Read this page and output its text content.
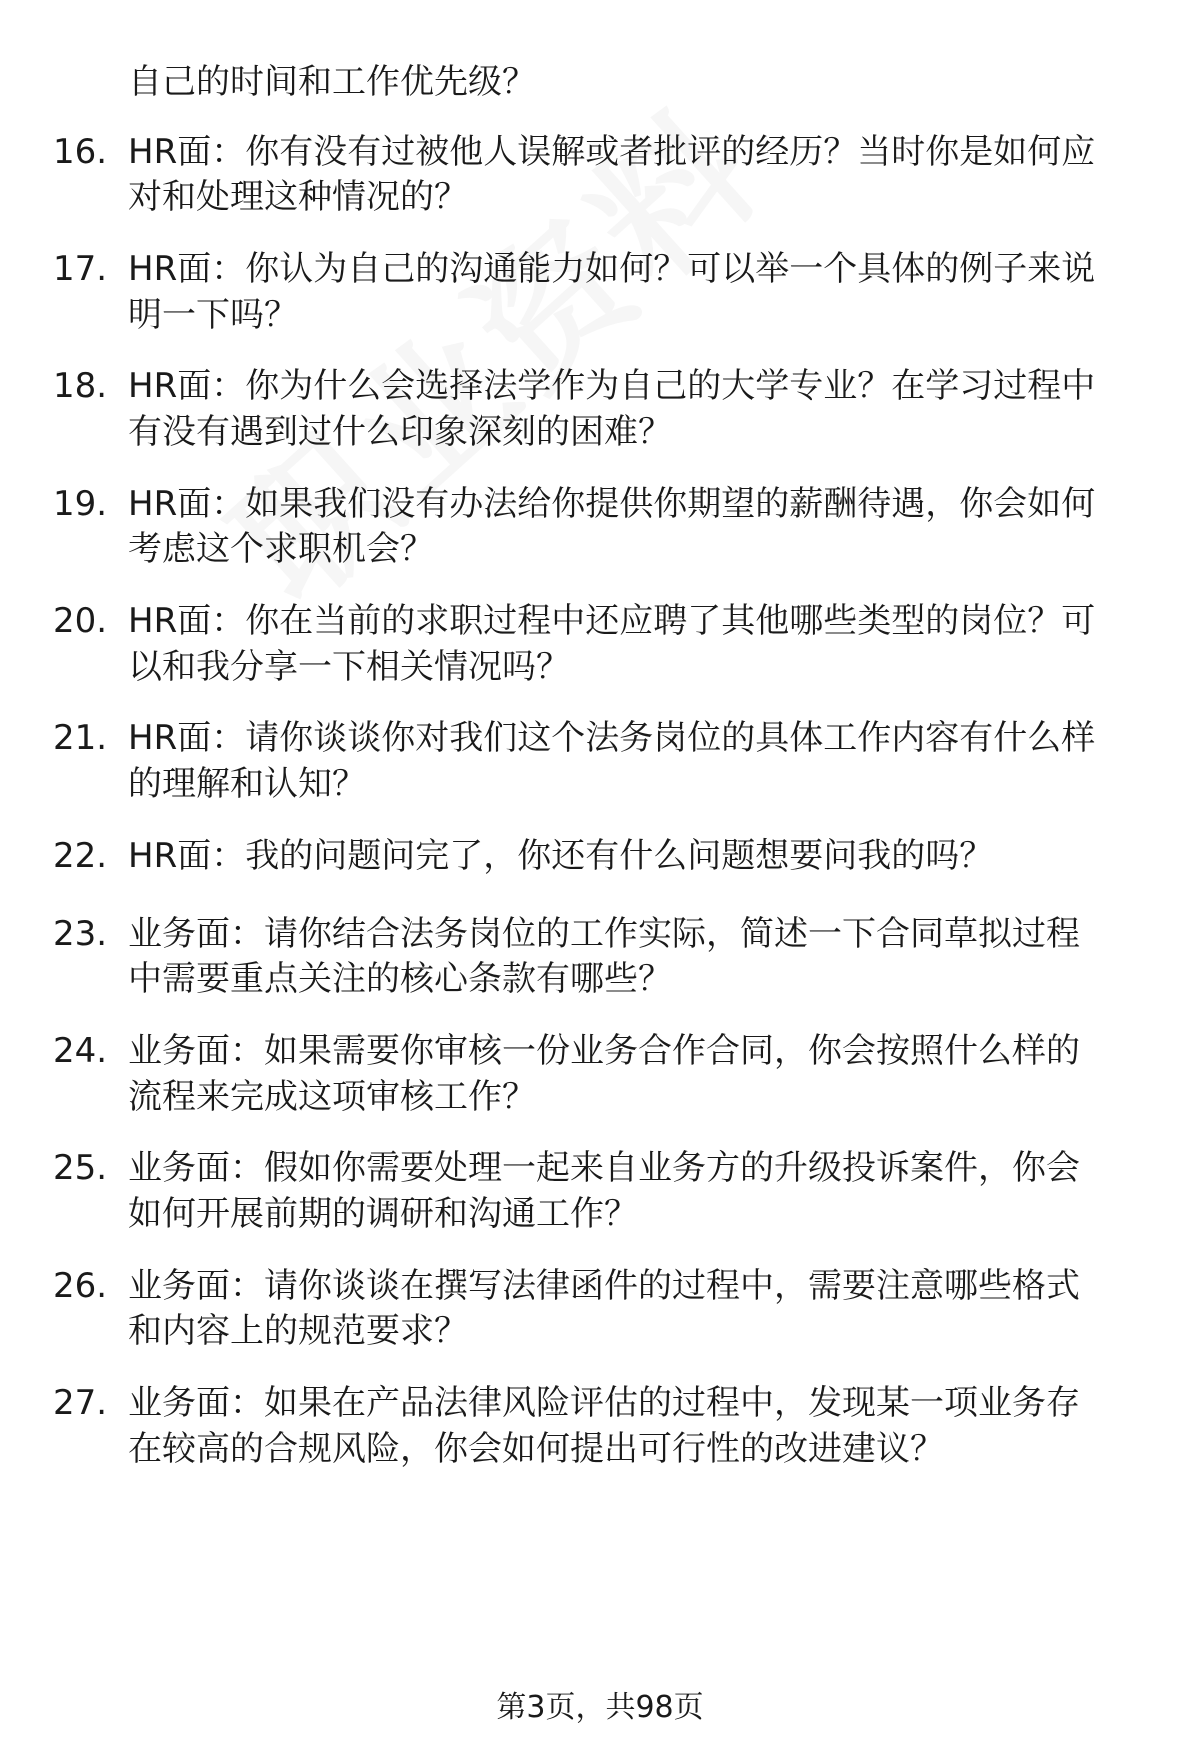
自己的时间和工作优先级？
16. HR面：你有没有过被他人误解或者批评的经历？当时你是如何应
对和处理这种情况的？
17. HR面：你认为自己的沟通能力如何？可以举一个具体的例子来说
明一下吗？
18. HR面：你为什么会选择法学作为自己的大学专业？在学习过程中
有没有遇到过什么印象深刻的困难？
19. HR面：如果我们没有办法给你提供你期望的薪酬待遇，你会如何
考虑这个求职机会？
20. HR面：你在当前的求职过程中还应聘了其他哪些类型的岗位？可
以和我分享一下相关情况吗？
21. HR面：请你谈谈你对我们这个法务岗位的具体工作内容有什么样
的理解和认知？
22. HR面：我的问题问完了，你还有什么问题想要问我的吗？
23. 业务面：请你结合法务岗位的工作实际，简述一下合同草拟过程
中需要重点关注的核心条款有哪些？
24. 业务面：如果需要你审核一份业务合作合同，你会按照什么样的
流程来完成这项审核工作？
25. 业务面：假如你需要处理一起来自业务方的升级投诉案件，你会
如何开展前期的调研和沟通工作？
26. 业务面：请你谈谈在撰写法律函件的过程中，需要注意哪些格式
和内容上的规范要求？
27. 业务面：如果在产品法律风险评估的过程中，发现某一项业务存
在较高的合规风险，你会如何提出可行性的改进建议？
第3页，共98页
